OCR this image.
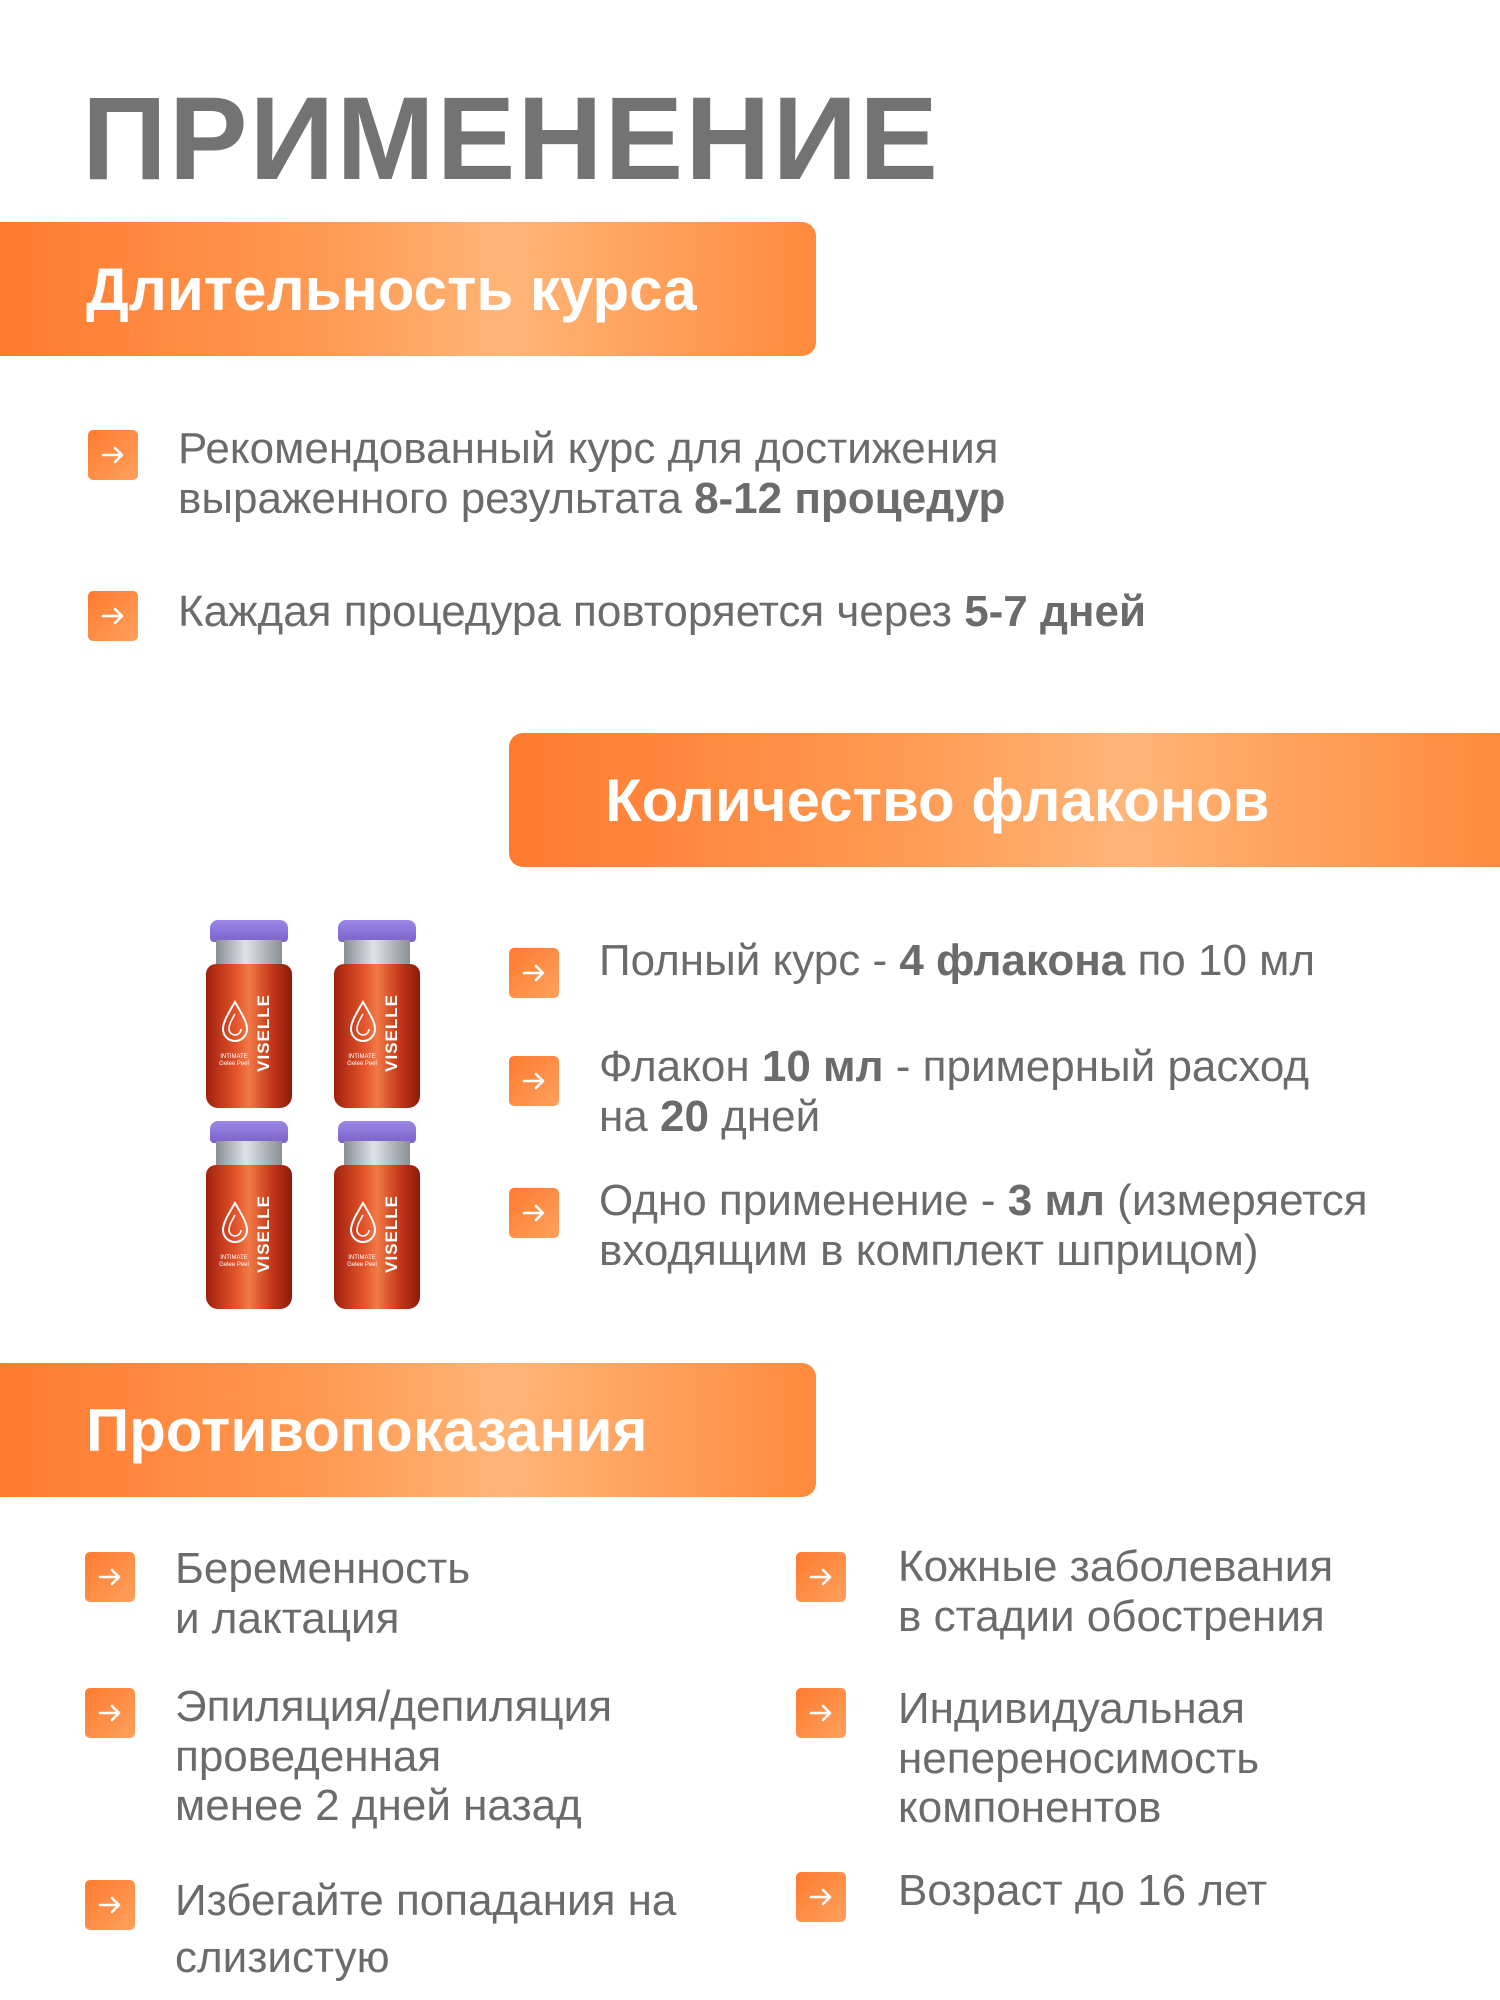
ПРИМЕНЕНИЕ
Длительность курса
Рекомендованный курс для достижения
выраженного результата 8-12 процедур
Каждая процедура повторяется через 5-7 дней
Количество флаконов
VISELLE
INTIMATE
Gelee Peel	VISELLE
INTIMATE
Gelee Peel
VISELLE
INTIMATE
Gelee Peel	VISELLE
INTIMATE
Gelee Peel
Полный курс - 4 флакона по 10 мл
Флакон 10 мл - примерный расход
на 20 дней
Одно применение - 3 мл (измеряется
входящим в комплект шприцом)
Противопоказания
Беременность
и лактация
Эпиляция/депиляция
проведенная
менее 2 дней назад
Избегайте попадания на
слизистую
Кожные заболевания
в стадии обострения
Индивидуальная
непереносимость
компонентов
Возраст до 16 лет
